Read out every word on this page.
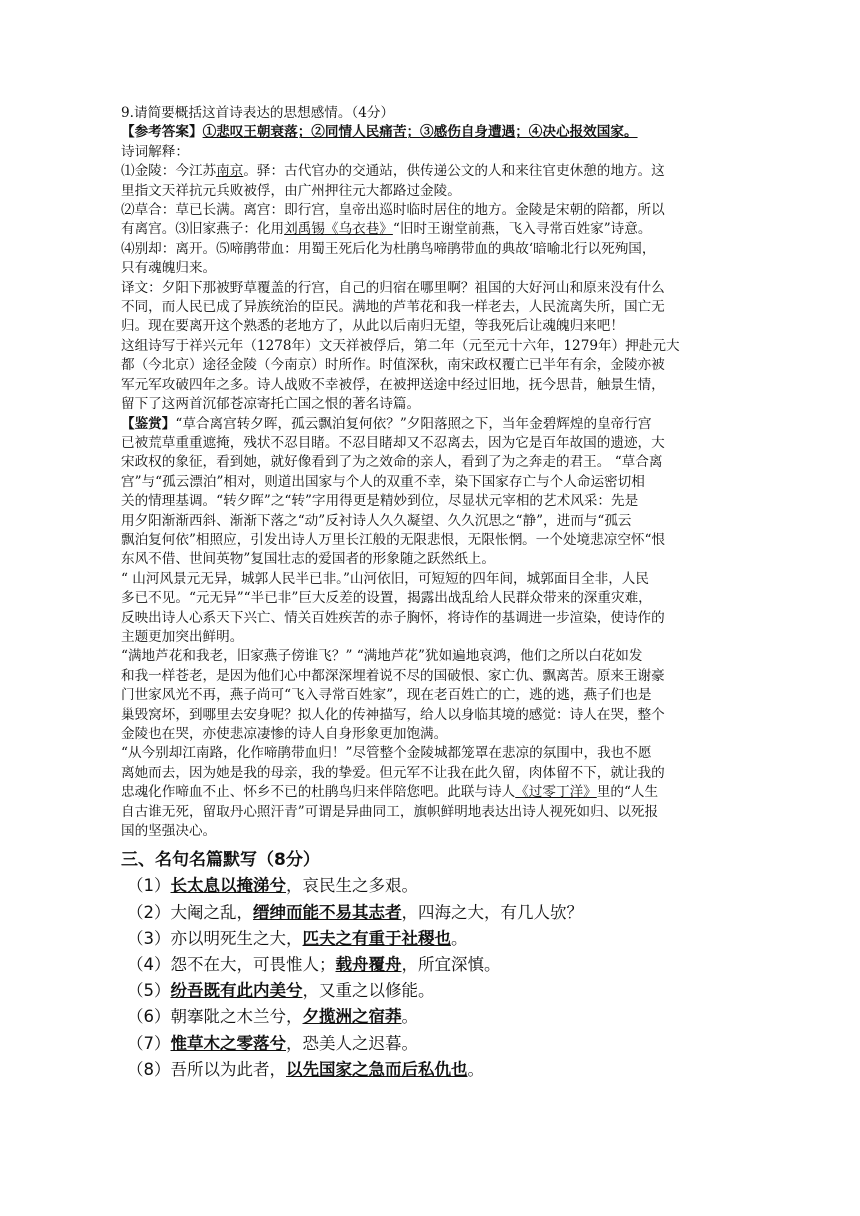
9.请简要概括这首诗表达的思想感情。（4分）
【参考答案】①悲叹王朝衰落；②同情人民痛苦；③感伤自身遭遇；④决心报效国家。
诗词解释：
⑴金陵：今江苏南京。驿：古代官办的交通站，供传递公文的人和来往官吏休憩的地方。这
里指文天祥抗元兵败被俘，由广州押往元大都路过金陵。
⑵草合：草已长满。离宫：即行宫，皇帝出巡时临时居住的地方。金陵是宋朝的陪都，所以
有离宫。⑶旧家燕子：化用刘禹锡《乌衣巷》“旧时王谢堂前燕，飞入寻常百姓家”诗意。
⑷别却：离开。⑸啼鹃带血：用蜀王死后化为杜鹃鸟啼鹃带血的典故‘暗喻北行以死殉国，
只有魂魄归来。
译文：夕阳下那被野草覆盖的行宫，自己的归宿在哪里啊？祖国的大好河山和原来没有什么
不同，而人民已成了异族统治的臣民。满地的芦苇花和我一样老去，人民流离失所，国亡无
归。现在要离开这个熟悉的老地方了，从此以后南归无望，等我死后让魂魄归来吧！
这组诗写于祥兴元年（1278年）文天祥被俘后，第二年（元至元十六年，1279年）押赴元大
都（今北京）途径金陵（今南京）时所作。时值深秋，南宋政权覆亡已半年有余，金陵亦被
军元军攻破四年之多。诗人战败不幸被俘，在被押送途中经过旧地，抚今思昔，触景生情，
留下了这两首沉郁苍凉寄托亡国之恨的著名诗篇。
【鉴赏】“草合离宫转夕晖，孤云飘泊复何依？”夕阳落照之下，当年金碧辉煌的皇帝行宫
已被荒草重重遮掩，残状不忍目睹。不忍目睹却又不忍离去，因为它是百年故国的遗迹，大
宋政权的象征，看到她，就好像看到了为之效命的亲人，看到了为之奔走的君王。 “草合离
宫”与“孤云漂泊”相对，则道出国家与个人的双重不幸，染下国家存亡与个人命运密切相
关的情理基调。“转夕晖”之“转”字用得更是精妙到位，尽显状元宰相的艺术风采：先是
用夕阳渐渐西斜、渐渐下落之“动”反衬诗人久久凝望、久久沉思之“静”，进而与“孤云
飘泊复何依”相照应，引发出诗人万里长江般的无限悲恨，无限怅惘。一个处境悲凉空怀“恨
东风不借、世间英物”复国壮志的爱国者的形象随之跃然纸上。
“ 山河风景元无异，城郭人民半已非。”山河依旧，可短短的四年间，城郭面目全非，人民
多已不见。“元无异”“半已非”巨大反差的设置，揭露出战乱给人民群众带来的深重灾难，
反映出诗人心系天下兴亡、情关百姓疾苦的赤子胸怀，将诗作的基调进一步渲染，使诗作的
主题更加突出鲜明。
“满地芦花和我老，旧家燕子傍谁飞？” “满地芦花”犹如遍地哀鸿，他们之所以白花如发
和我一样苍老，是因为他们心中都深深埋着说不尽的国破恨、家亡仇、飘离苦。原来王谢豪
门世家风光不再，燕子尚可“飞入寻常百姓家”，现在老百姓亡的亡，逃的逃，燕子们也是
巢毁窝坏，到哪里去安身呢？拟人化的传神描写，给人以身临其境的感觉：诗人在哭，整个
金陵也在哭，亦使悲凉凄惨的诗人自身形象更加饱满。
“从今别却江南路，化作啼鹃带血归！”尽管整个金陵城都笼罩在悲凉的氛围中，我也不愿
离她而去，因为她是我的母亲，我的挚爱。但元军不让我在此久留，肉体留不下，就让我的
忠魂化作啼血不止、怀乡不已的杜鹃鸟归来伴陪您吧。此联与诗人《过零丁洋》里的“人生
自古谁无死，留取丹心照汗青”可谓是异曲同工，旗帜鲜明地表达出诗人视死如归、以死报
国的坚强决心。
三、名句名篇默写（8分）
（1）长太息以掩涕兮，哀民生之多艰。
（2）大阉之乱，缙绅而能不易其志者，四海之大，有几人欤？
（3）亦以明死生之大，匹夫之有重于社稷也。
（4）怨不在大，可畏惟人；载舟覆舟，所宜深慎。
（5）纷吾既有此内美兮，又重之以修能。
（6）朝搴阰之木兰兮，夕揽洲之宿莽。
（7）惟草木之零落兮，恐美人之迟暮。
（8）吾所以为此者，以先国家之急而后私仇也。
